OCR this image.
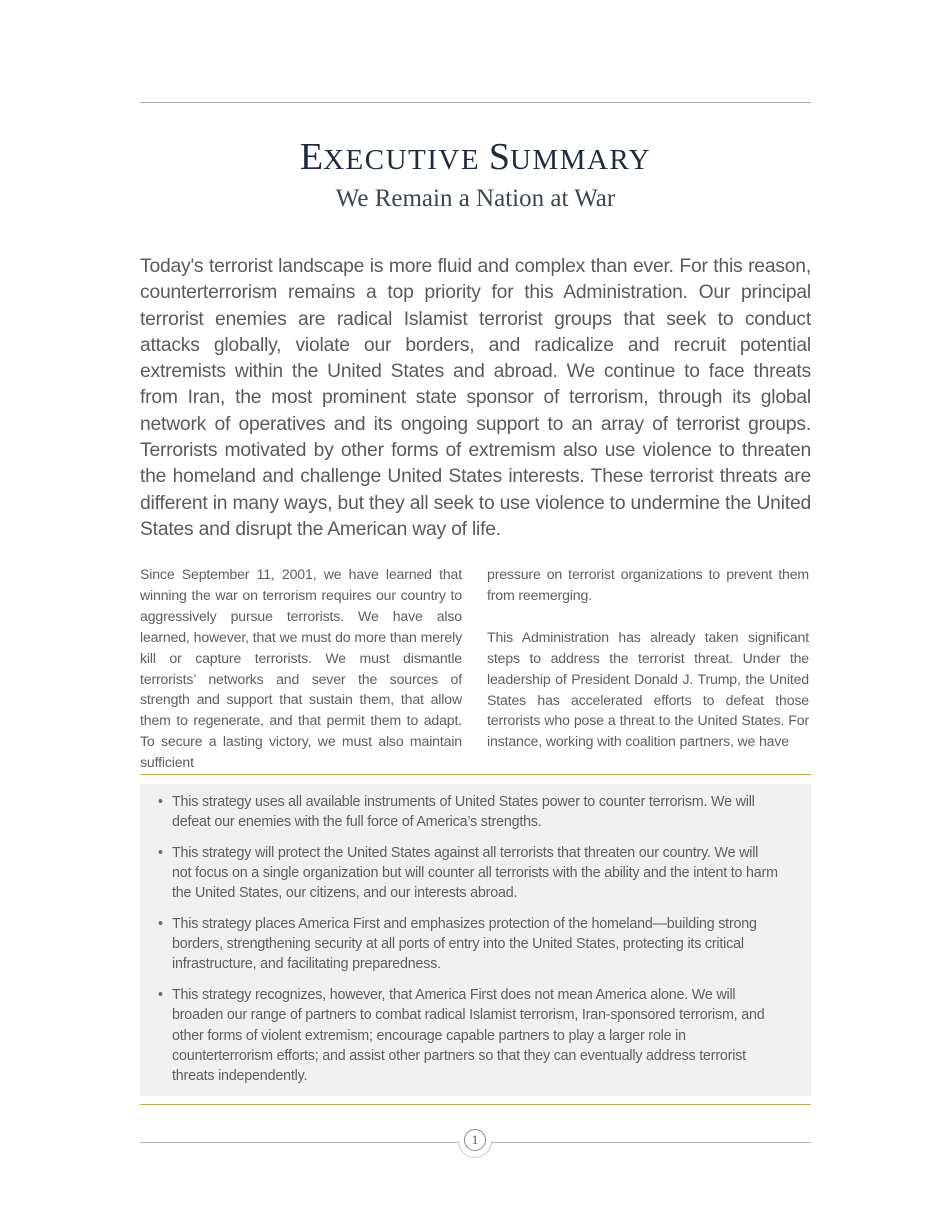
EXECUTIVE SUMMARY
We Remain a Nation at War

Today's terrorist landscape is more fluid and complex than ever. For this reason, counterterrorism remains a top priority for this Administration. Our principal terrorist enemies are radical Islamist terrorist groups that seek to conduct attacks globally, violate our borders, and radicalize and recruit potential extremists within the United States and abroad. We continue to face threats from Iran, the most prominent state sponsor of terrorism, through its global network of operatives and its ongoing support to an array of terrorist groups. Terrorists motivated by other forms of extremism also use violence to threaten the homeland and challenge United States interests. These terrorist threats are different in many ways, but they all seek to use violence to undermine the United States and disrupt the American way of life.

Since September 11, 2001, we have learned that winning the war on terrorism requires our country to aggressively pursue terrorists. We have also learned, however, that we must do more than merely kill or capture terrorists. We must dismantle terrorists’ networks and sever the sources of strength and support that sustain them, that allow them to regenerate, and that permit them to adapt. To secure a lasting victory, we must also maintain sufficient

pressure on terrorist organizations to prevent them from reemerging.

This Administration has already taken significant steps to address the terrorist threat. Under the leadership of President Donald J. Trump, the United States has accelerated efforts to defeat those terrorists who pose a threat to the United States. For instance, working with coalition partners, we have

• This strategy uses all available instruments of United States power to counter terrorism. We will defeat our enemies with the full force of America’s strengths.
• This strategy will protect the United States against all terrorists that threaten our country. We will not focus on a single organization but will counter all terrorists with the ability and the intent to harm the United States, our citizens, and our interests abroad.
• This strategy places America First and emphasizes protection of the homeland—building strong borders, strengthening security at all ports of entry into the United States, protecting its critical infrastructure, and facilitating preparedness.
• This strategy recognizes, however, that America First does not mean America alone. We will broaden our range of partners to combat radical Islamist terrorism, Iran-sponsored terrorism, and other forms of violent extremism; encourage capable partners to play a larger role in counterterrorism efforts; and assist other partners so that they can eventually address terrorist threats independently.
1
